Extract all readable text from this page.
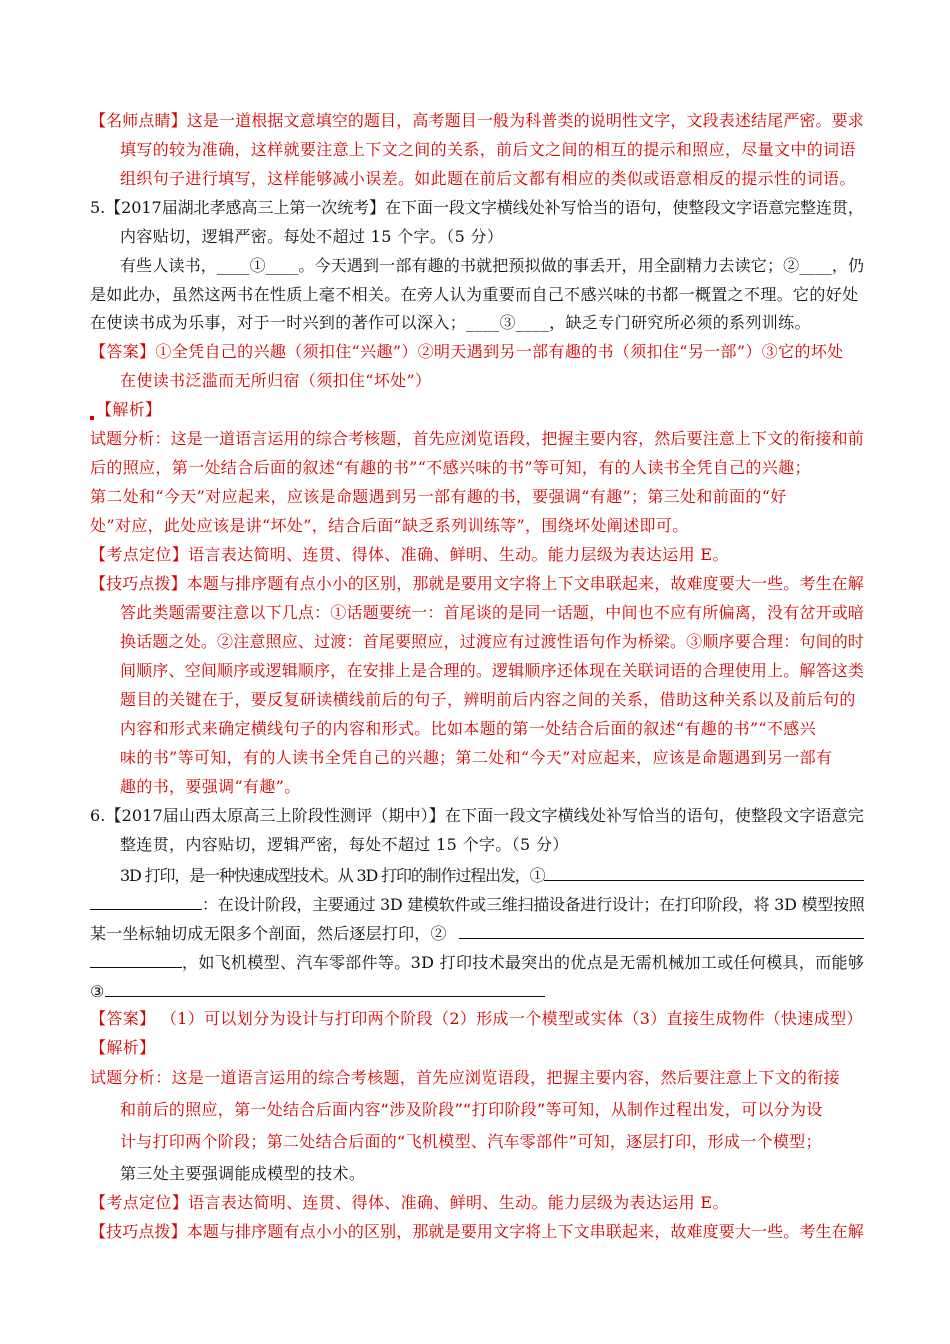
【名师点睛】这是一道根据文意填空的题目，高考题目一般为科普类的说明性文字，文段表述结尾严密。要求
填写的较为准确，这样就要注意上下文之间的关系，前后文之间的相互的提示和照应，尽量文中的词语
组织句子进行填写，这样能够减小误差。如此题在前后文都有相应的类似或语意相反的提示性的词语。
5.【2017届湖北孝感高三上第一次统考】在下面一段文字横线处补写恰当的语句，使整段文字语意完整连贯，
内容贴切，逻辑严密。每处不超过 15 个字。（5 分）
有些人读书，____①____。今天遇到一部有趣的书就把预拟做的事丢开，用全副精力去读它；②____，仍
是如此办，虽然这两书在性质上毫不相关。在旁人认为重要而自己不感兴味的书都一概置之不理。它的好处
在使读书成为乐事，对于一时兴到的著作可以深入；____③____，缺乏专门研究所必须的系列训练。
【答案】①全凭自己的兴趣（须扣住“兴趣”）②明天遇到另一部有趣的书（须扣住“另一部”）③它的坏处
在使读书泛滥而无所归宿（须扣住“坏处”）
【解析】
试题分析：这是一道语言运用的综合考核题，首先应浏览语段，把握主要内容，然后要注意上下文的衔接和前
后的照应，第一处结合后面的叙述“有趣的书”“不感兴味的书”等可知，有的人读书全凭自己的兴趣；
第二处和“今天”对应起来，应该是命题遇到另一部有趣的书，要强调“有趣”；第三处和前面的“好
处”对应，此处应该是讲“坏处”，结合后面“缺乏系列训练等”，围绕坏处阐述即可。
【考点定位】语言表达简明、连贯、得体、准确、鲜明、生动。能力层级为表达运用 E。
【技巧点拨】本题与排序题有点小小的区别，那就是要用文字将上下文串联起来，故难度要大一些。考生在解
答此类题需要注意以下几点：①话题要统一：首尾谈的是同一话题，中间也不应有所偏离，没有岔开或暗
换话题之处。②注意照应、过渡：首尾要照应，过渡应有过渡性语句作为桥梁。③顺序要合理：句间的时
间顺序、空间顺序或逻辑顺序，在安排上是合理的。逻辑顺序还体现在关联词语的合理使用上。解答这类
题目的关键在于，要反复研读横线前后的句子，辨明前后内容之间的关系，借助这种关系以及前后句的
内容和形式来确定横线句子的内容和形式。比如本题的第一处结合后面的叙述“有趣的书”“不感兴
味的书”等可知，有的人读书全凭自己的兴趣；第二处和“今天”对应起来，应该是命题遇到另一部有
趣的书，要强调“有趣”。
6.【2017届山西太原高三上阶段性测评（期中）】在下面一段文字横线处补写恰当的语句，使整段文字语意完
整连贯，内容贴切，逻辑严密，每处不超过 15 个字。（5 分）
3D 打印，是一种快速成型技术。从 3D 打印的制作过程出发，①
：在设计阶段，主要通过 3D 建模软件或三维扫描设备进行设计；在打印阶段，将 3D 模型按照
某一坐标轴切成无限多个剖面，然后逐层打印，②
，如飞机模型、汽车零部件等。3D 打印技术最突出的优点是无需机械加工或任何模具，而能够
③
【答案】 （1）可以划分为设计与打印两个阶段（2）形成一个模型或实体（3）直接生成物件（快速成型）
【解析】
试题分析：这是一道语言运用的综合考核题，首先应浏览语段，把握主要内容，然后要注意上下文的衔接
和前后的照应，第一处结合后面内容“涉及阶段”“打印阶段”等可知，从制作过程出发，可以分为设
计与打印两个阶段；第二处结合后面的“飞机模型、汽车零部件”可知，逐层打印，形成一个模型；
第三处主要强调能成模型的技术。
【考点定位】语言表达简明、连贯、得体、准确、鲜明、生动。能力层级为表达运用 E。
【技巧点拨】本题与排序题有点小小的区别，那就是要用文字将上下文串联起来，故难度要大一些。考生在解
